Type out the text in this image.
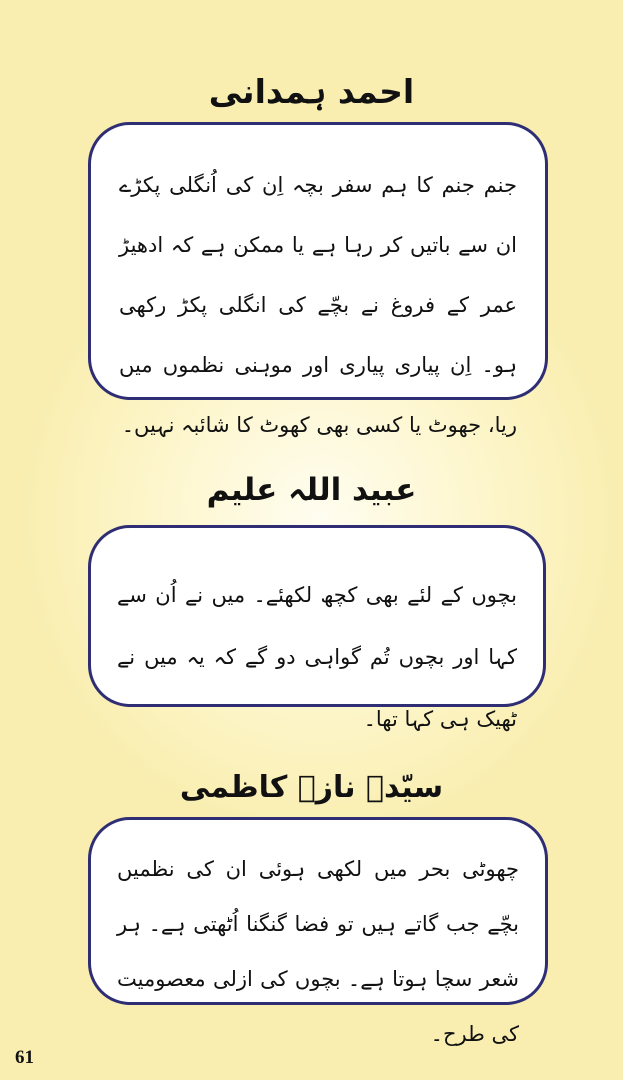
احمد ہمدانی
جنم جنم کا ہم سفر بچہ اِن کی اُنگلی پکڑے ان سے باتیں کر رہا ہے یا ممکن ہے کہ ادھیڑ عمر کے فروغ نے بچّے کی انگلی پکڑ رکھی ہو۔ اِن پیاری پیاری اور موہنی نظموں میں ریا، جھوٹ یا کسی بھی کھوٹ کا شائبہ نہیں۔
عبید اللہ علیم
بچوں کے لئے بھی کچھ لکھئے۔ میں نے اُن سے کہا اور بچوں تُم گواہی دو گے کہ یہ میں نے ٹھیک ہی کہا تھا۔
سیّدہ نازؔ کاظمی
چھوٹی بحر میں لکھی ہوئی ان کی نظمیں بچّے جب گاتے ہیں تو فضا گنگنا اُٹھتی ہے۔ ہر شعر سچا ہوتا ہے۔ بچوں کی ازلی معصومیت کی طرح۔
61
